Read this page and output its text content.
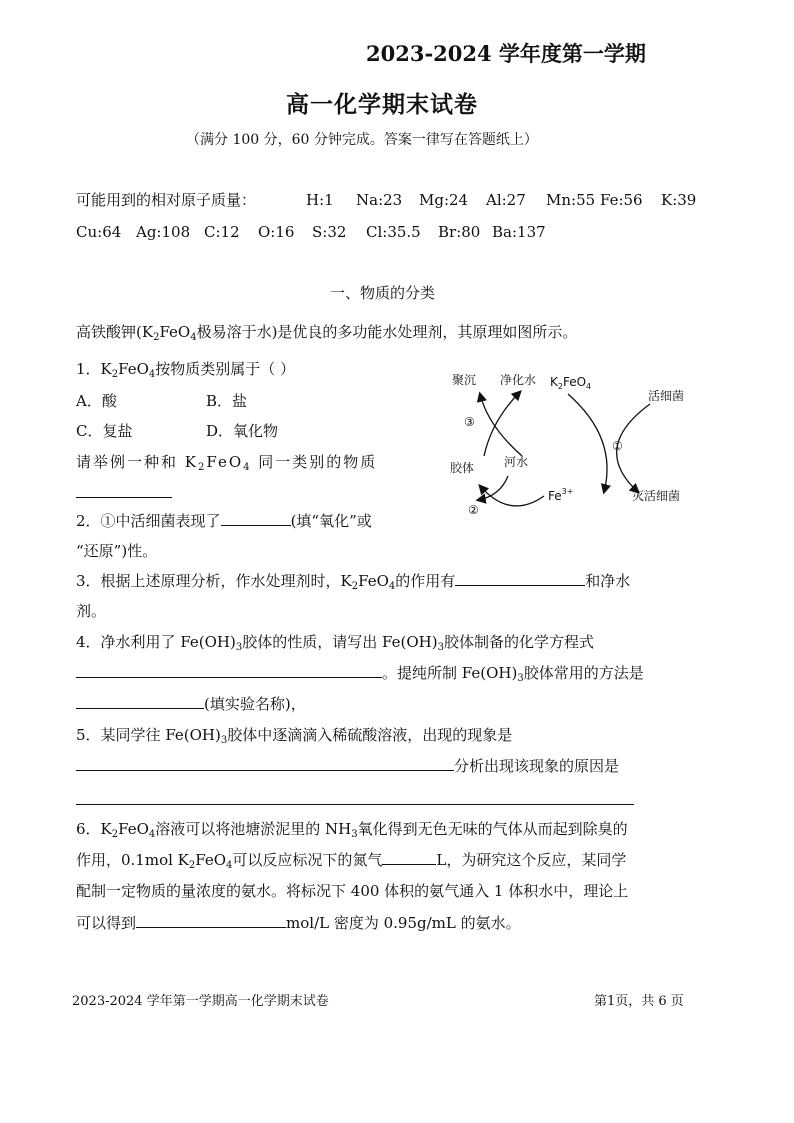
2023-2024 学年度第一学期
高一化学期末试卷
（满分 100 分，60 分钟完成。答案一律写在答题纸上）
可能用到的相对原子质量：	H:1 Na:23 Mg:24 Al:27 Mn:55 Fe:56 K:39
Cu:64 Ag:108 C:12 O:16 S:32 Cl:35.5 Br:80 Ba:137
一、物质的分类
高铁酸钾($K_2FeO_4$极易溶于水)是优良的多功能水处理剂，其原理如图所示。
1．$K_2FeO_4$按物质类别属于（ ）
A．酸	B．盐
C．复盐	D．氧化物
请举例一种和 $K_2FeO_4$ 同一类别的物质
聚沉 净化水 $K_2FeO_4$
活细菌
③
①
胶体 河水
$Fe^{3+}$	灭活细菌
②
2．①中活细菌表现了	(填“氧化”或
“还原”)性。
3．根据上述原理分析，作水处理剂时，$K_2FeO_4$的作用有	和净水
剂。
4．净水利用了 $Fe(OH)_3$胶体的性质，请写出 $Fe(OH)_3$胶体制备的化学方程式
。提纯所制 $Fe(OH)_3$胶体常用的方法是
(填实验名称)，
5．某同学往 $Fe(OH)_3$胶体中逐滴滴入稀硫酸溶液，出现的现象是
分析出现该现象的原因是
6．$K_2FeO_4$溶液可以将池塘淤泥里的 $NH_3$氧化得到无色无味的气体从而起到除臭的
作用，0.1mol $K_2FeO_4$可以反应标况下的氮气	L，为研究这个反应，某同学
配制一定物质的量浓度的氨水。将标况下 400 体积的氨气通入 1 体积水中，理论上
可以得到	mol/L 密度为 0.95g/mL 的氨水。
2023-2024 学年第一学期高一化学期末试卷	第1页，共 6 页
